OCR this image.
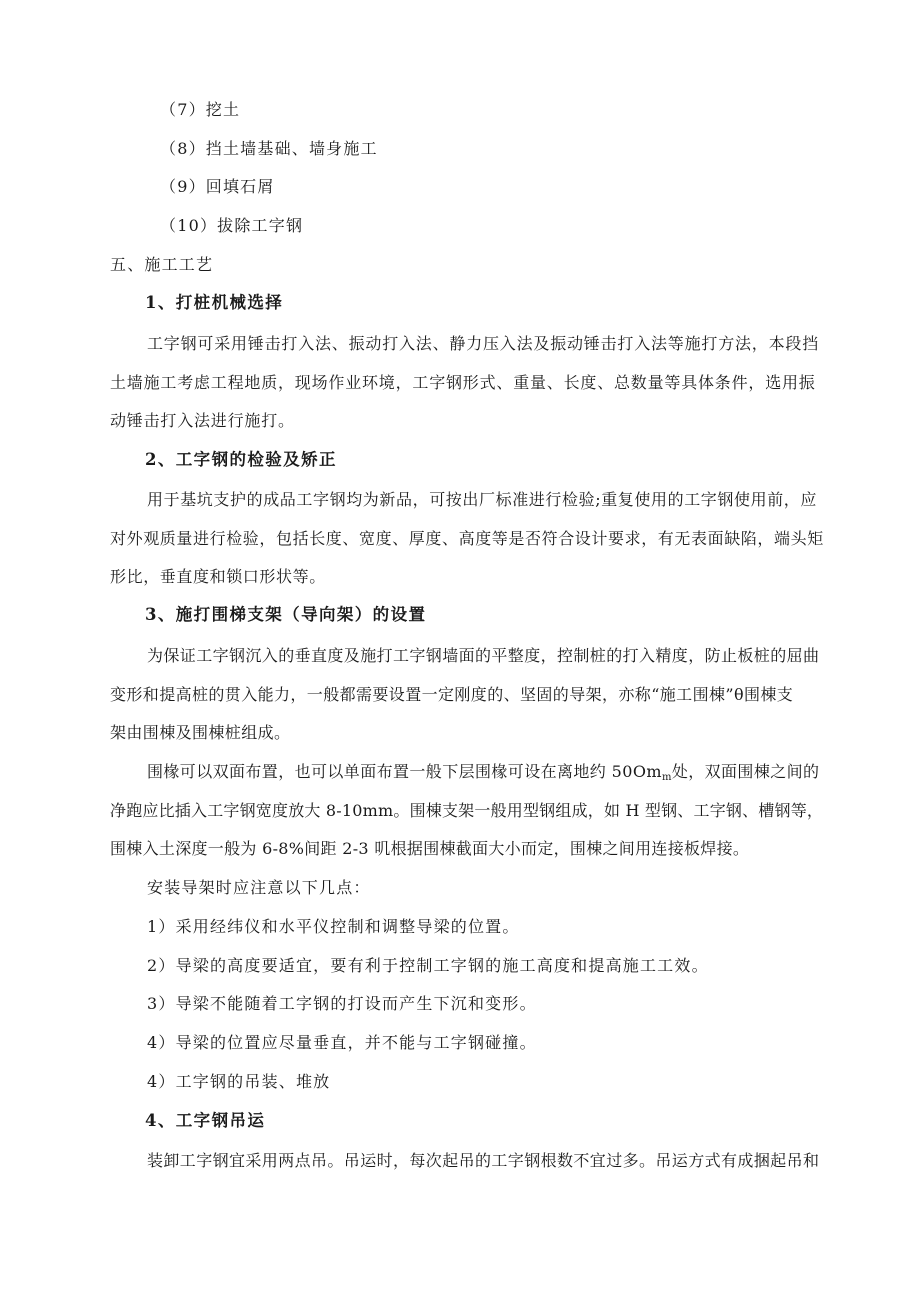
（7）挖土
（8）挡土墙基础、墙身施工
（9）回填石屑
（10）拔除工字钢
五、施工工艺
1、打桩机械选择
工字钢可采用锤击打入法、振动打入法、静力压入法及振动锤击打入法等施打方法，本段挡
土墙施工考虑工程地质，现场作业环境，工字钢形式、重量、长度、总数量等具体条件，选用振
动锤击打入法进行施打。
2、工字钢的检验及矫正
用于基坑支护的成品工字钢均为新品，可按出厂标准进行检验;重复使用的工字钢使用前，应
对外观质量进行检验，包括长度、宽度、厚度、高度等是否符合设计要求，有无表面缺陷，端头矩
形比，垂直度和锁口形状等。
3、施打围梯支架（导向架）的设置
为保证工字钢沉入的垂直度及施打工字钢墙面的平整度，控制桩的打入精度，防止板桩的屈曲
变形和提高桩的贯入能力，一般都需要设置一定刚度的、坚固的导架，亦称“施工围棟”θ围棟支
架由围棟及围棟桩组成。
围椽可以双面布置，也可以单面布置一般下层围椽可设在离地约 $50Om_m$处，双面围棟之间的
净跑应比插入工字钢宽度放大 8-10mm。围棟支架一般用型钢组成，如 H 型钢、工字钢、槽钢等，
围棟入土深度一般为 6-8%间距 2-3 叽根据围棟截面大小而定，围棟之间用连接板焊接。
安装导架时应注意以下几点：
1）采用经纬仪和水平仪控制和调整导梁的位置。
2）导梁的高度要适宜，要有利于控制工字钢的施工高度和提高施工工效。
3）导梁不能随着工字钢的打设而产生下沉和变形。
4）导梁的位置应尽量垂直，并不能与工字钢碰撞。
4）工字钢的吊装、堆放
4、工字钢吊运
装卸工字钢宜采用两点吊。吊运时，每次起吊的工字钢根数不宜过多。吊运方式有成捆起吊和
